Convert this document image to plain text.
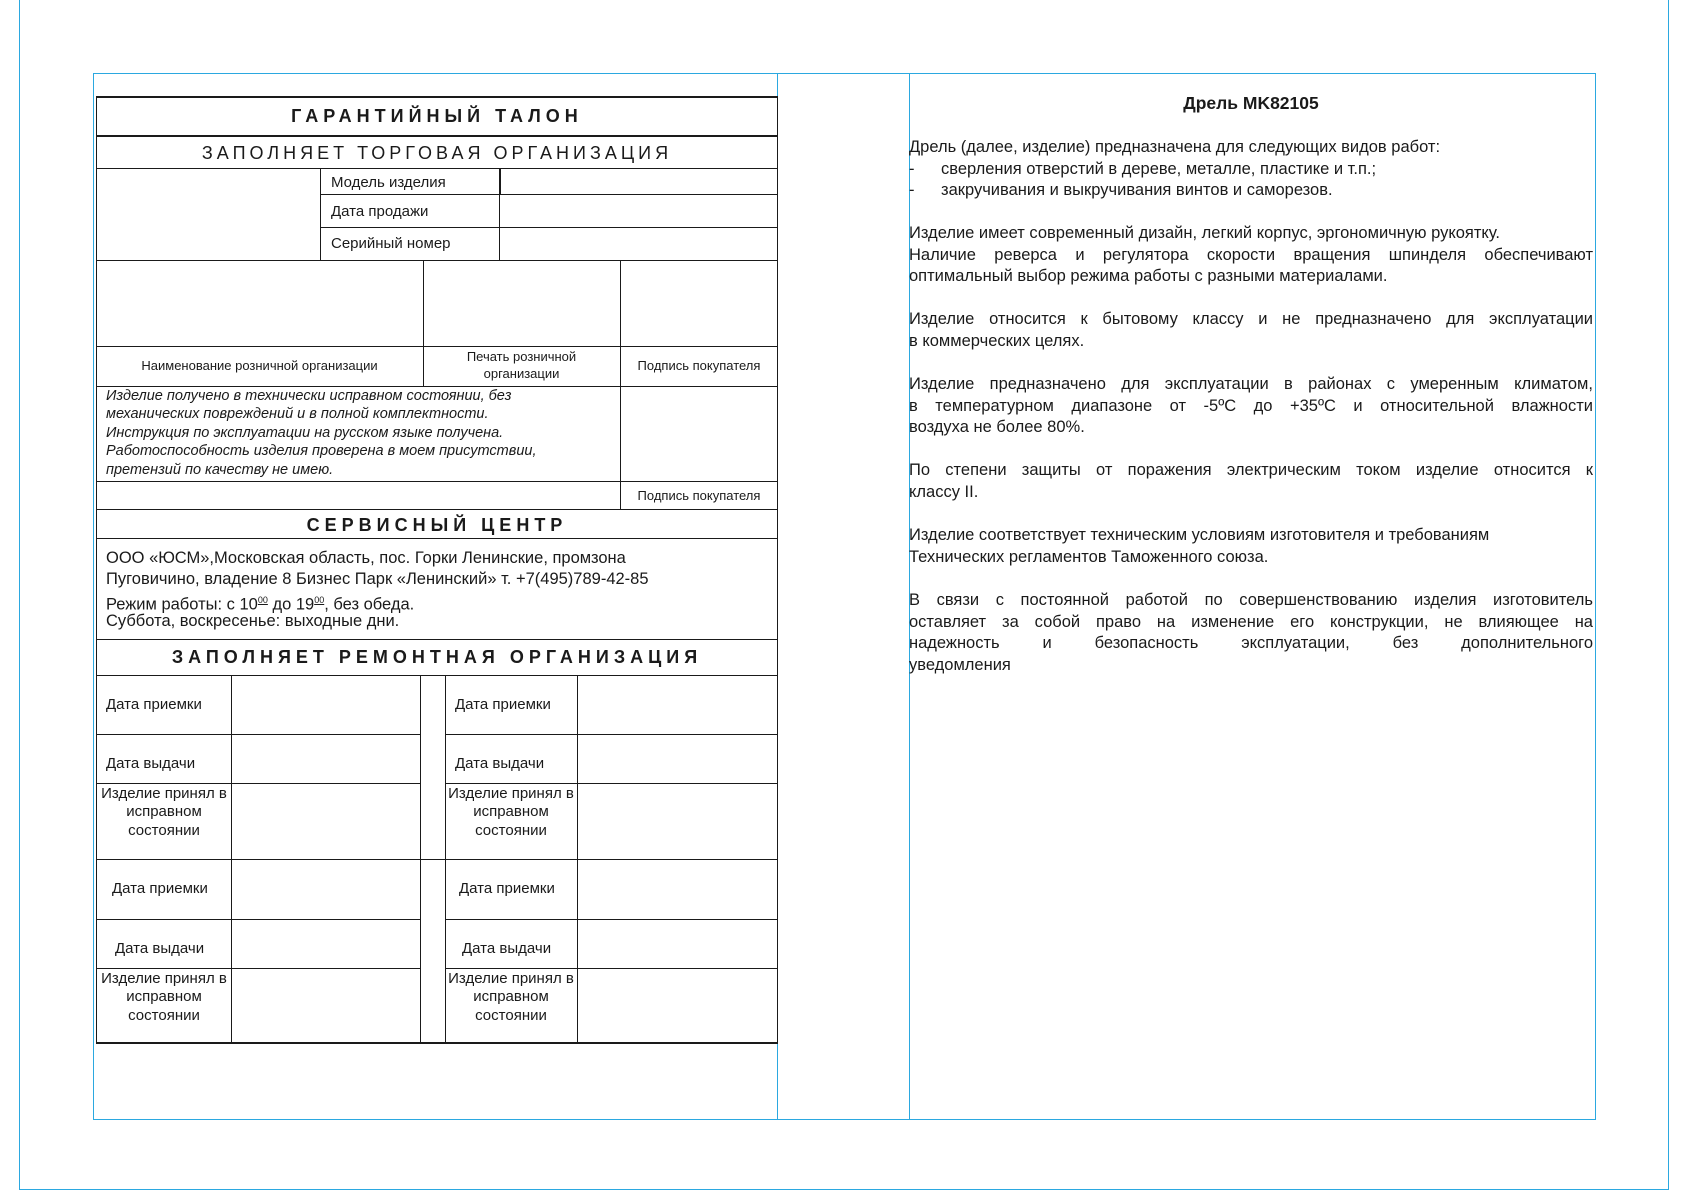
ГАРАНТИЙНЫЙ ТАЛОН
ЗАПОЛНЯЕТ ТОРГОВАЯ ОРГАНИЗАЦИЯ
Модель изделия
Дата продажи
Серийный номер
Наименование розничной организации
Печать розничной
организации
Подпись покупателя
Изделие получено в технически исправном состоянии, без
механических повреждений и в полной комплектности.
Инструкция по эксплуатации на русском языке получена.
Работоспособность изделия проверена в моем присутствии,
претензий по качеству не имею.
Подпись покупателя
СЕРВИСНЫЙ ЦЕНТР
ООО «ЮСМ»,Московская область, пос. Горки Ленинские, промзона
Пуговичино, владение 8 Бизнес Парк «Ленинский» т. +7(495)789-42-85
Режим работы: с $10^{00}$ до $19^{00}$, без обеда.
Суббота, воскресенье: выходные дни.
ЗАПОЛНЯЕТ РЕМОНТНАЯ ОРГАНИЗАЦИЯ
Дата приемки
Дата выдачи
Изделие принял в исправном состоянии
Дата приемки
Дата выдачи
Изделие принял в исправном состоянии
Дата приемки
Дата выдачи
Изделие принял в исправном состоянии
Дата приемки
Дата выдачи
Изделие принял в исправном состоянии
Дрель MK82105

Дрель (далее, изделие) предназначена для следующих видов работ:

- сверления отверстий в дереве, металле, пластике и т.п.;

- закручивания и выкручивания винтов и саморезов.

Изделие имеет современный дизайн, легкий корпус, эргономичную рукоятку.

Наличие реверса и регулятора скорости вращения шпинделя обеспечивают

оптимальный выбор режима работы с разными материалами.

Изделие относится к бытовому классу и не предназначено для эксплуатации

в коммерческих целях.

Изделие предназначено для эксплуатации в районах с умеренным климатом,

в температурном диапазоне от -5ºС до +35ºС и относительной влажности

воздуха не более 80%.

По степени защиты от поражения электрическим током изделие относится к

классу II.

Изделие соответствует техническим условиям изготовителя и требованиям

Технических регламентов Таможенного союза.

В связи с постоянной работой по совершенствованию изделия изготовитель

оставляет за собой право на изменение его конструкции, не влияющее на

надежность и безопасность эксплуатации, без дополнительного

уведомления
